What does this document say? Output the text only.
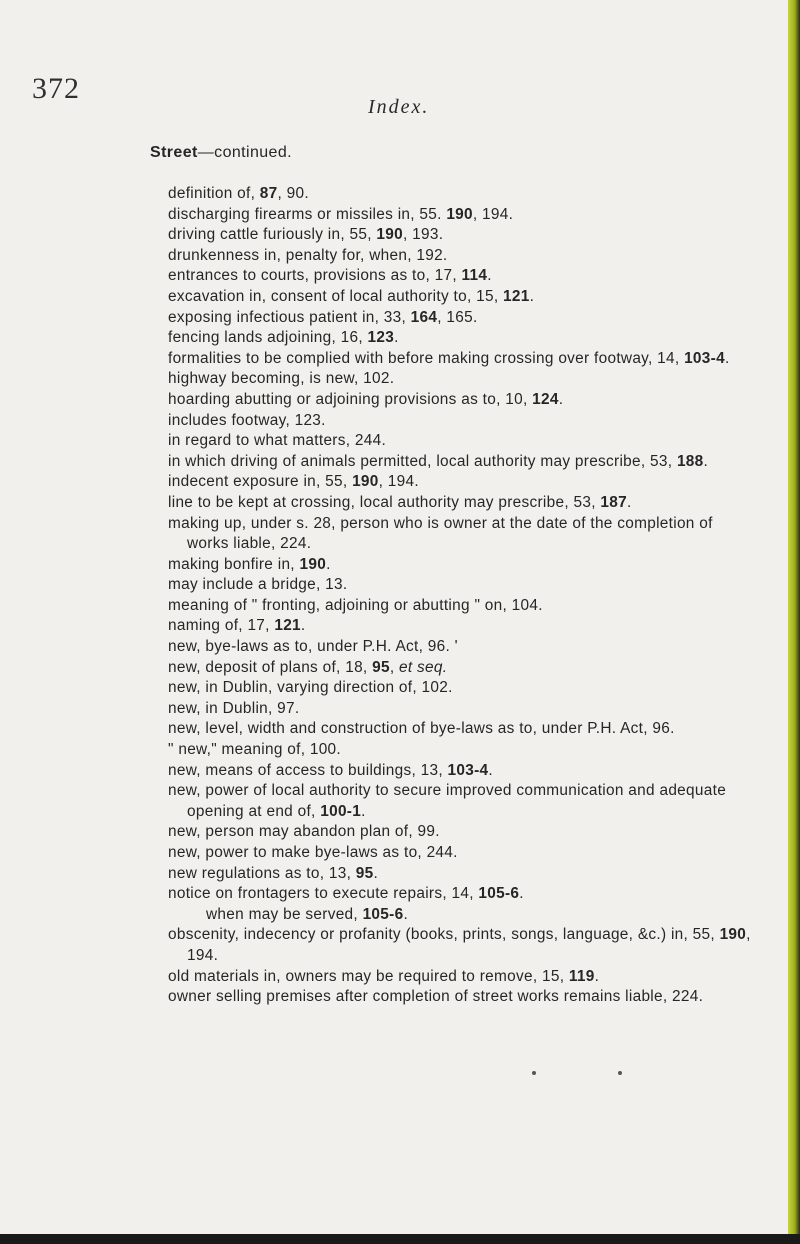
372
Index.
Street—continued.
definition of, 87, 90.
discharging firearms or missiles in, 55. 190, 194.
driving cattle furiously in, 55, 190, 193.
drunkenness in, penalty for, when, 192.
entrances to courts, provisions as to, 17, 114.
excavation in, consent of local authority to, 15, 121.
exposing infectious patient in, 33, 164, 165.
fencing lands adjoining, 16, 123.
formalities to be complied with before making crossing over footway, 14, 103-4.
highway becoming, is new, 102.
hoarding abutting or adjoining provisions as to, 10, 124.
includes footway, 123.
in regard to what matters, 244.
in which driving of animals permitted, local authority may prescribe, 53, 188.
indecent exposure in, 55, 190, 194.
line to be kept at crossing, local authority may prescribe, 53, 187.
making up, under s. 28, person who is owner at the date of the completion of works liable, 224.
making bonfire in, 190.
may include a bridge, 13.
meaning of " fronting, adjoining or abutting " on, 104.
naming of, 17, 121.
new, bye-laws as to, under P.H. Act, 96. '
new, deposit of plans of, 18, 95, et seq.
new, in Dublin, varying direction of, 102.
new, in Dublin, 97.
new, level, width and construction of bye-laws as to, under P.H. Act, 96.
" new," meaning of, 100.
new, means of access to buildings, 13, 103-4.
new, power of local authority to secure improved communication and adequate opening at end of, 100-1.
new, person may abandon plan of, 99.
new, power to make bye-laws as to, 244.
new regulations as to, 13, 95.
notice on frontagers to execute repairs, 14, 105-6.
when may be served, 105-6.
obscenity, indecency or profanity (books, prints, songs, language, &c.) in, 55, 190, 194.
old materials in, owners may be required to remove, 15, 119.
owner selling premises after completion of street works remains liable, 224.
